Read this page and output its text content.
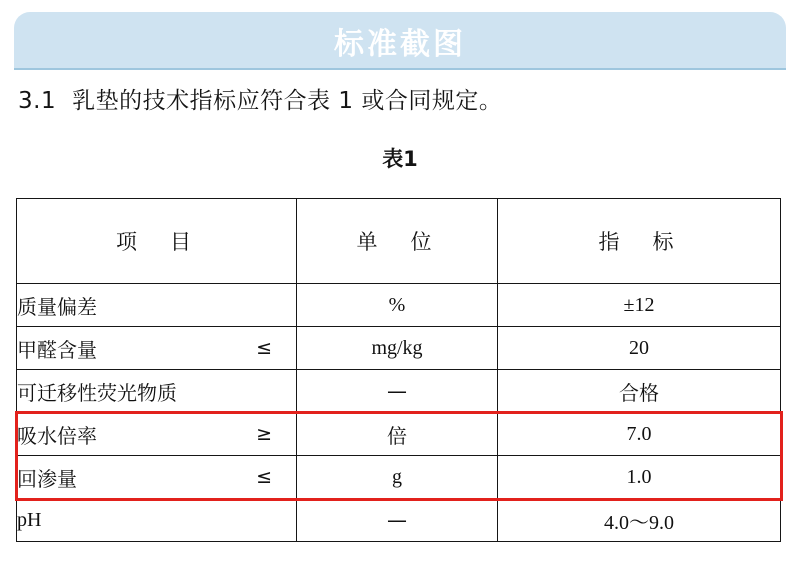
标准截图
3.1 乳垫的技术指标应符合表 1 或合同规定。
表1
项　目	单　位	指　标

质量偏差	%	±12

甲醛含量 ≤	mg/kg	20

可迁移性荧光物质	—	合格

吸水倍率 ≥	倍	7.0

回渗量 ≤	g	1.0

pH	—	4.0～9.0
